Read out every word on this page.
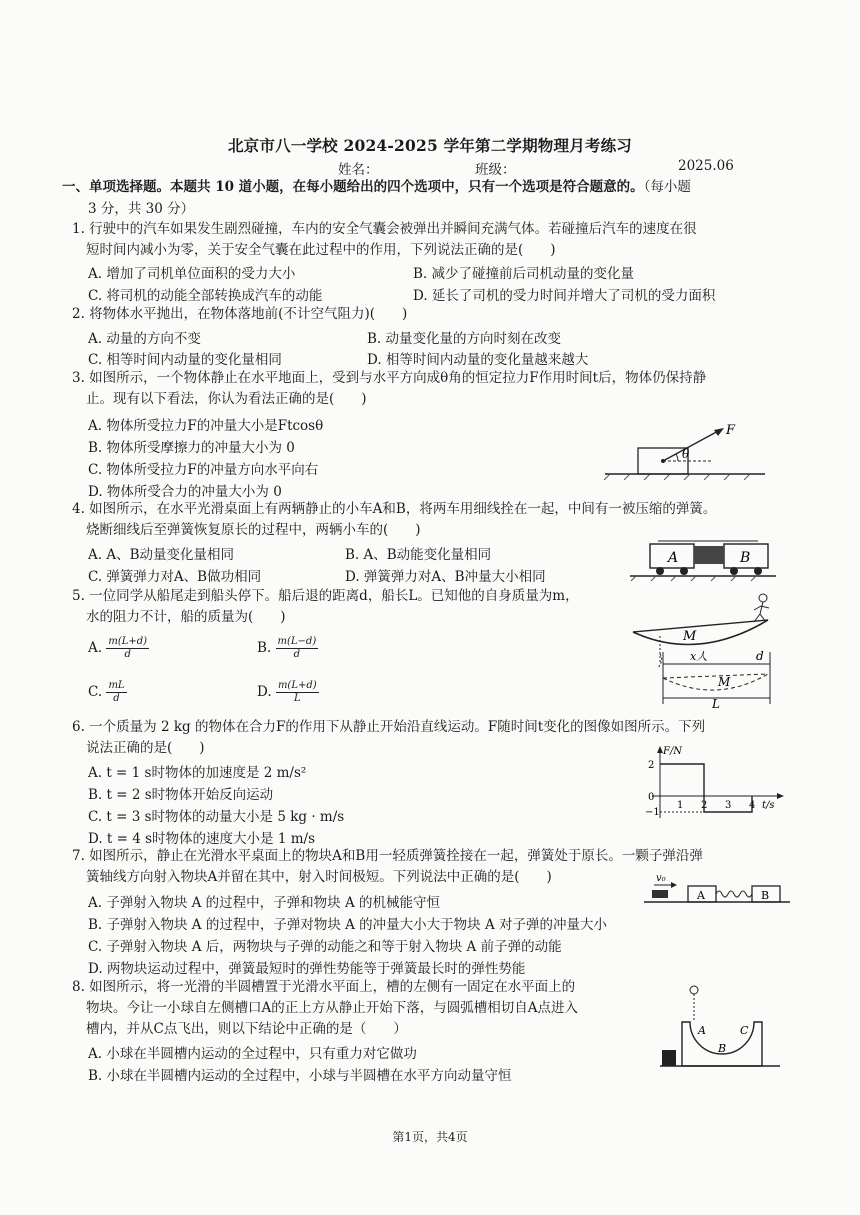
北京市八一学校 2024-2025 学年第二学期物理月考练习
姓名：	班级：	2025.06
一、单项选择题。本题共 10 道小题，在每小题给出的四个选项中，只有一个选项是符合题意的。（每小题
3 分，共 30 分）
1. 行驶中的汽车如果发生剧烈碰撞，车内的安全气囊会被弹出并瞬间充满气体。若碰撞后汽车的速度在很
短时间内减小为零，关于安全气囊在此过程中的作用，下列说法正确的是(　　)
A. 增加了司机单位面积的受力大小	B. 减少了碰撞前后司机动量的变化量
C. 将司机的动能全部转换成汽车的动能	D. 延长了司机的受力时间并增大了司机的受力面积
2. 将物体水平抛出，在物体落地前(不计空气阻力)(　　)
A. 动量的方向不变	B. 动量变化量的方向时刻在改变
C. 相等时间内动量的变化量相同	D. 相等时间内动量的变化量越来越大
3. 如图所示，一个物体静止在水平地面上，受到与水平方向成θ角的恒定拉力F作用时间t后，物体仍保持静
止。现有以下看法，你认为看法正确的是(　　)
A. 物体所受拉力F的冲量大小是Ftcosθ
B. 物体所受摩擦力的冲量大小为 0
C. 物体所受拉力F的冲量方向水平向右
D. 物体所受合力的冲量大小为 0
θ
F
4. 如图所示，在水平光滑桌面上有两辆静止的小车A和B，将两车用细线拴在一起，中间有一被压缩的弹簧。
烧断细线后至弹簧恢复原长的过程中，两辆小车的(　　)
A. A、B动量变化量相同	B. A、B动能变化量相同
C. 弹簧弹力对A、B做功相同	D. 弹簧弹力对A、B冲量大小相同
A	B
5. 一位同学从船尾走到船头停下。船后退的距离d，船长L。已知他的自身质量为m，
水的阻力不计，船的质量为(　　)
A. $\frac{m(L+d)}{d}$	B. $\frac{m(L-d)}{d}$
C. $\frac{mL}{d}$	D. $\frac{m(L+d)}{L}$
M
M
x人	d
L
6. 一个质量为 2 kg 的物体在合力F的作用下从静止开始沿直线运动。F随时间t变化的图像如图所示。下列
说法正确的是(　　)
A. t = 1 s时物体的加速度是 2 m/s²
B. t = 2 s时物体开始反向运动
C. t = 3 s时物体的动量大小是 5 kg · m/s
D. t = 4 s时物体的速度大小是 1 m/s
F/N
t/s
2
0
−1
1 2 3 4
7. 如图所示，静止在光滑水平桌面上的物块A和B用一轻质弹簧拴接在一起，弹簧处于原长。一颗子弹沿弹
簧轴线方向射入物块A并留在其中，射入时间极短。下列说法中正确的是(　　)
A. 子弹射入物块 A 的过程中，子弹和物块 A 的机械能守恒
B. 子弹射入物块 A 的过程中，子弹对物块 A 的冲量大小大于物块 A 对子弹的冲量大小
C. 子弹射入物块 A 后，两物块与子弹的动能之和等于射入物块 A 前子弹的动能
D. 两物块运动过程中，弹簧最短时的弹性势能等于弹簧最长时的弹性势能
v₀
A	B
8. 如图所示，将一光滑的半圆槽置于光滑水平面上，槽的左侧有一固定在水平面上的
物块。今让一小球自左侧槽口A的正上方从静止开始下落，与圆弧槽相切自A点进入
槽内，并从C点飞出，则以下结论中正确的是（　　）
A. 小球在半圆槽内运动的全过程中，只有重力对它做功
B. 小球在半圆槽内运动的全过程中，小球与半圆槽在水平方向动量守恒
A
B
C
第1页，共4页
